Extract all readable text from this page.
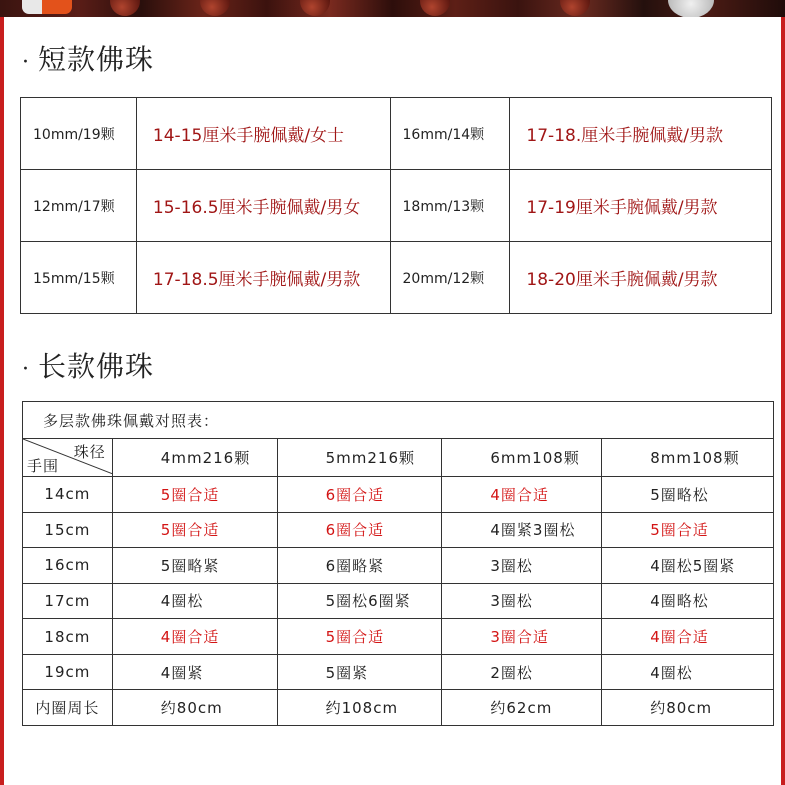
· 短款佛珠
10mm/19颗	14-15厘米手腕佩戴/女士	16mm/14颗	17-18.厘米手腕佩戴/男款
12mm/17颗	15-16.5厘米手腕佩戴/男女	18mm/13颗	17-19厘米手腕佩戴/男款
15mm/15颗	17-18.5厘米手腕佩戴/男款	20mm/12颗	18-20厘米手腕佩戴/男款
· 长款佛珠
多层款佛珠佩戴对照表：				

珠径
手围	4mm216颗	5mm216颗	6mm108颗	8mm108颗
14cm	5圈合适	6圈合适	4圈合适	5圈略松
15cm	5圈合适	6圈合适	4圈紧3圈松	5圈合适
16cm	5圈略紧	6圈略紧	3圈松	4圈松5圈紧
17cm	4圈松	5圈松6圈紧	3圈松	4圈略松
18cm	4圈合适	5圈合适	3圈合适	4圈合适
19cm	4圈紧	5圈紧	2圈松	4圈松
内圈周长	约80cm	约108cm	约62cm	约80cm
